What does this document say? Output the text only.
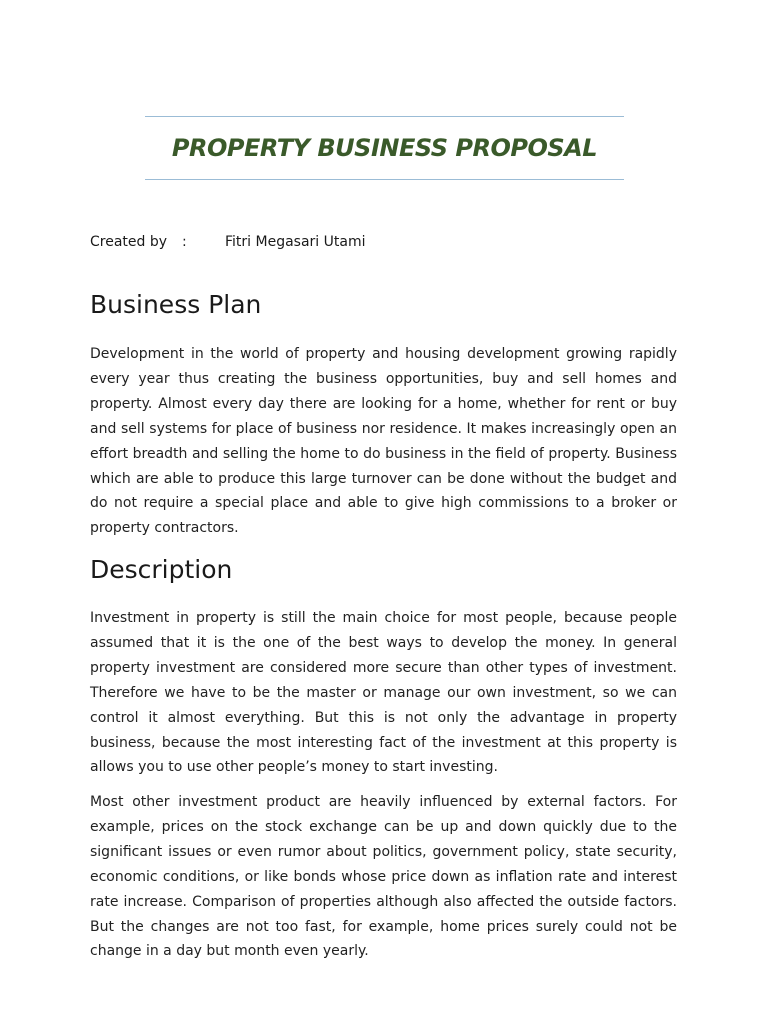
PROPERTY BUSINESS PROPOSAL
Created by :	Fitri Megasari Utami
Business Plan

Development in the world of property and housing development growing rapidly every year thus creating the business opportunities, buy and sell homes and property. Almost every day there are looking for a home, whether for rent or buy and sell systems for place of business nor residence. It makes increasingly open an effort breadth and selling the home to do business in the field of property. Business which are able to produce this large turnover can be done without the budget and do not require a special place and able to give high commissions to a broker or property contractors.

Description

Investment in property is still the main choice for most people, because people assumed that it is the one of the best ways to develop the money. In general property investment are considered more secure than other types of investment. Therefore we have to be the master or manage our own investment, so we can control it almost everything. But this is not only the advantage in property business, because the most interesting fact of the investment at this property is allows you to use other people’s money to start investing.

Most other investment product are heavily influenced by external factors. For example, prices on the stock exchange can be up and down quickly due to the significant issues or even rumor about politics, government policy, state security, economic conditions, or like bonds whose price down as inflation rate and interest rate increase. Comparison of properties although also affected the outside factors. But the changes are not too fast, for example, home prices surely could not be change in a day but month even yearly.
